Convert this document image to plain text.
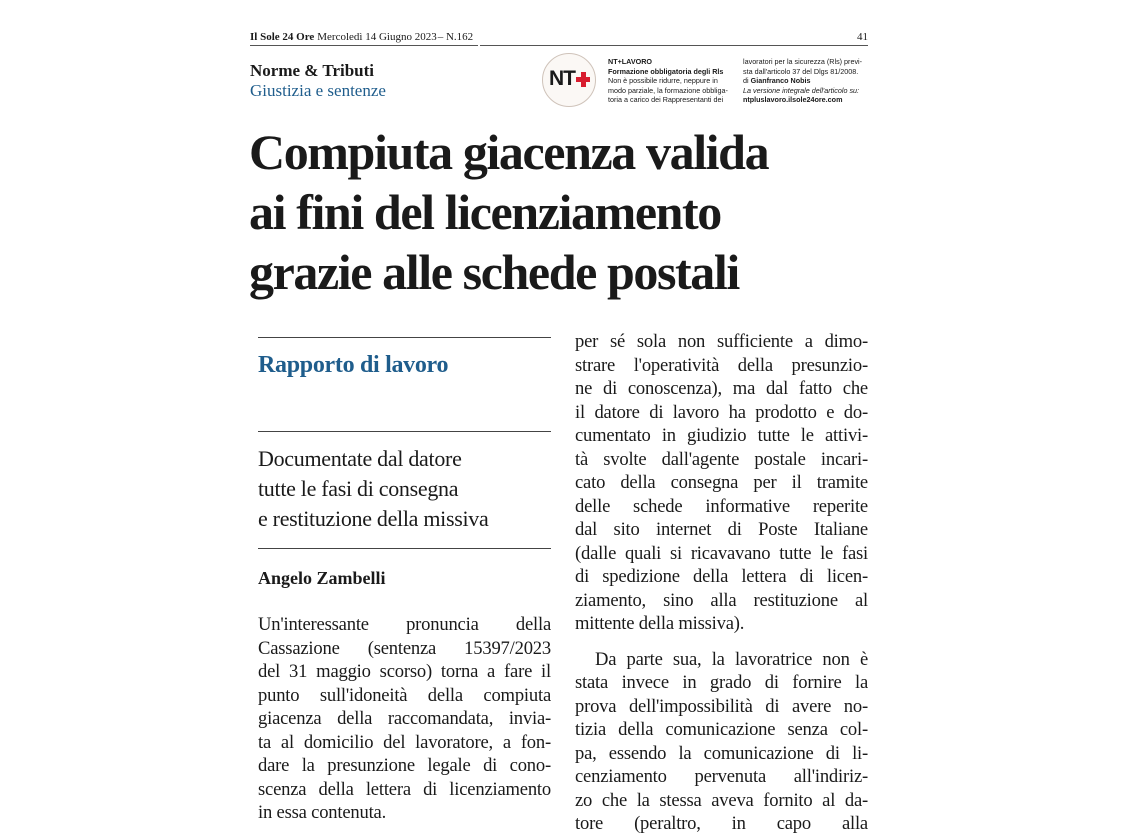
Il Sole 24 Ore Mercoledì 14 Giugno 2023– N.162	41
Norme & Tributi
Giustizia e sentenze
NT
NT+LAVORO
Formazione obbligatoria degli Rls
Non è possibile ridurre, neppure in
modo parziale, la formazione obbliga-
toria a carico dei Rappresentanti dei
lavoratori per la sicurezza (Rls) previ-
sta dall'articolo 37 del Dlgs 81/2008.
di Gianfranco Nobis
La versione integrale dell'articolo su:
ntpluslavoro.ilsole24ore.com
Compiuta giacenza valida
ai fini del licenziamento
grazie alle schede postali
Rapporto di lavoro
Documentate dal datore
tutte le fasi di consegna
e restituzione della missiva
Angelo Zambelli
Un'interessante pronuncia della
Cassazione (sentenza 15397/2023
del 31 maggio scorso) torna a fare il
punto sull'idoneità della compiuta
giacenza della raccomandata, invia-
ta al domicilio del lavoratore, a fon-
dare la presunzione legale di cono-
scenza della lettera di licenziamento
in essa contenuta.
per sé sola non sufficiente a dimo-
strare l'operatività della presunzio-
ne di conoscenza), ma dal fatto che
il datore di lavoro ha prodotto e do-
cumentato in giudizio tutte le attivi-
tà svolte dall'agente postale incari-
cato della consegna per il tramite
delle schede informative reperite
dal sito internet di Poste Italiane
(dalle quali si ricavavano tutte le fasi
di spedizione della lettera di licen-
ziamento, sino alla restituzione al
mittente della missiva).
Da parte sua, la lavoratrice non è
stata invece in grado di fornire la
prova dell'impossibilità di avere no-
tizia della comunicazione senza col-
pa, essendo la comunicazione di li-
cenziamento pervenuta all'indiriz-
zo che la stessa aveva fornito al da-
tore (peraltro, in capo alla
